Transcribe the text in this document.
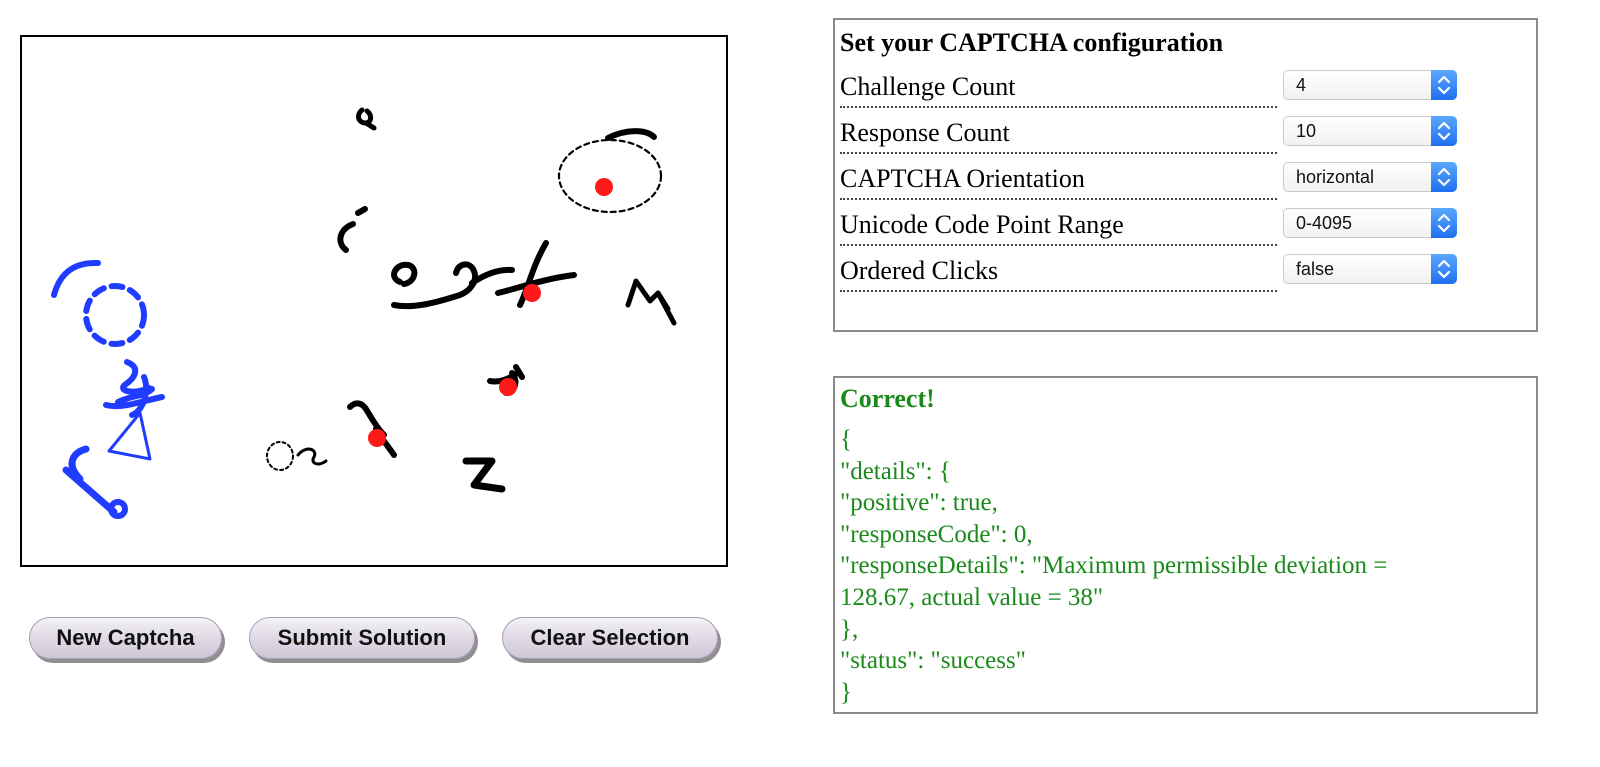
New Captcha	Submit Solution	Clear Selection
Set your CAPTCHA configuration
Challenge Count	4
Response Count	10
CAPTCHA Orientation	horizontal
Unicode Code Point Range	0-4095
Ordered Clicks	false
Correct!
{
"details": {
"positive": true,
"responseCode": 0,
"responseDetails": "Maximum permissible deviation =
128.67, actual value = 38"
},
"status": "success"
}
